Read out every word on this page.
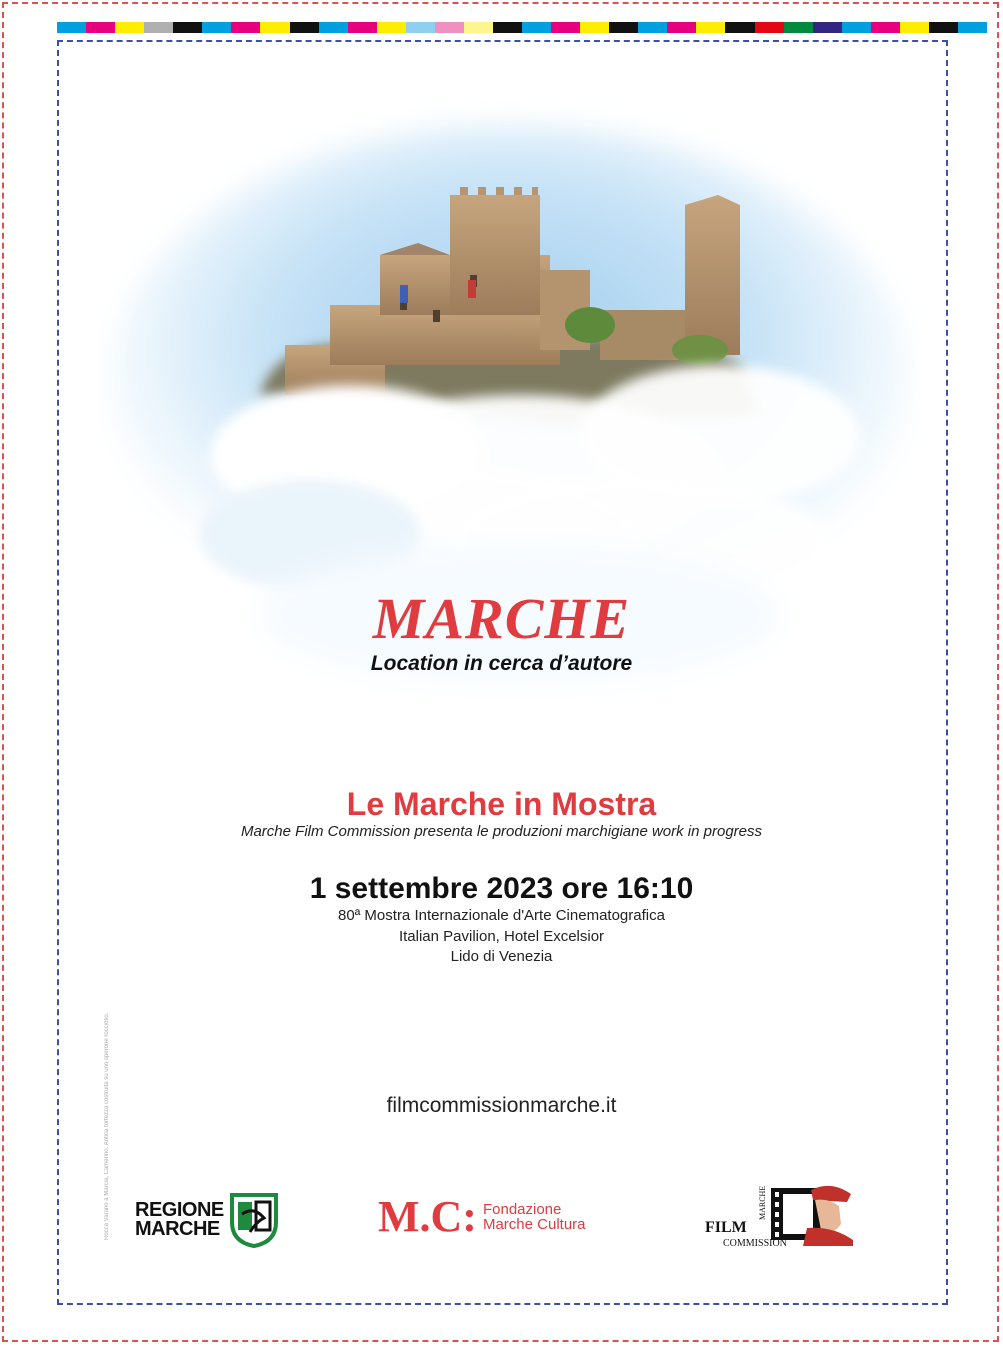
MARCHE
Location in cerca d’autore
Le Marche in Mostra
Marche Film Commission presenta le produzioni marchigiane work in progress
1 settembre 2023 ore 16:10
80ª Mostra Internazionale d'Arte Cinematografica
Italian Pavilion, Hotel Excelsior
Lido di Venezia
filmcommissionmarche.it
Rocca Varano a Marcia, Camerino. Antica fortezza costruita su uno sperone roccioso.	REGIONE
MARCHE	M.C: Fondazione
Marche Cultura	FILM
MARCHE
COMMISSION
